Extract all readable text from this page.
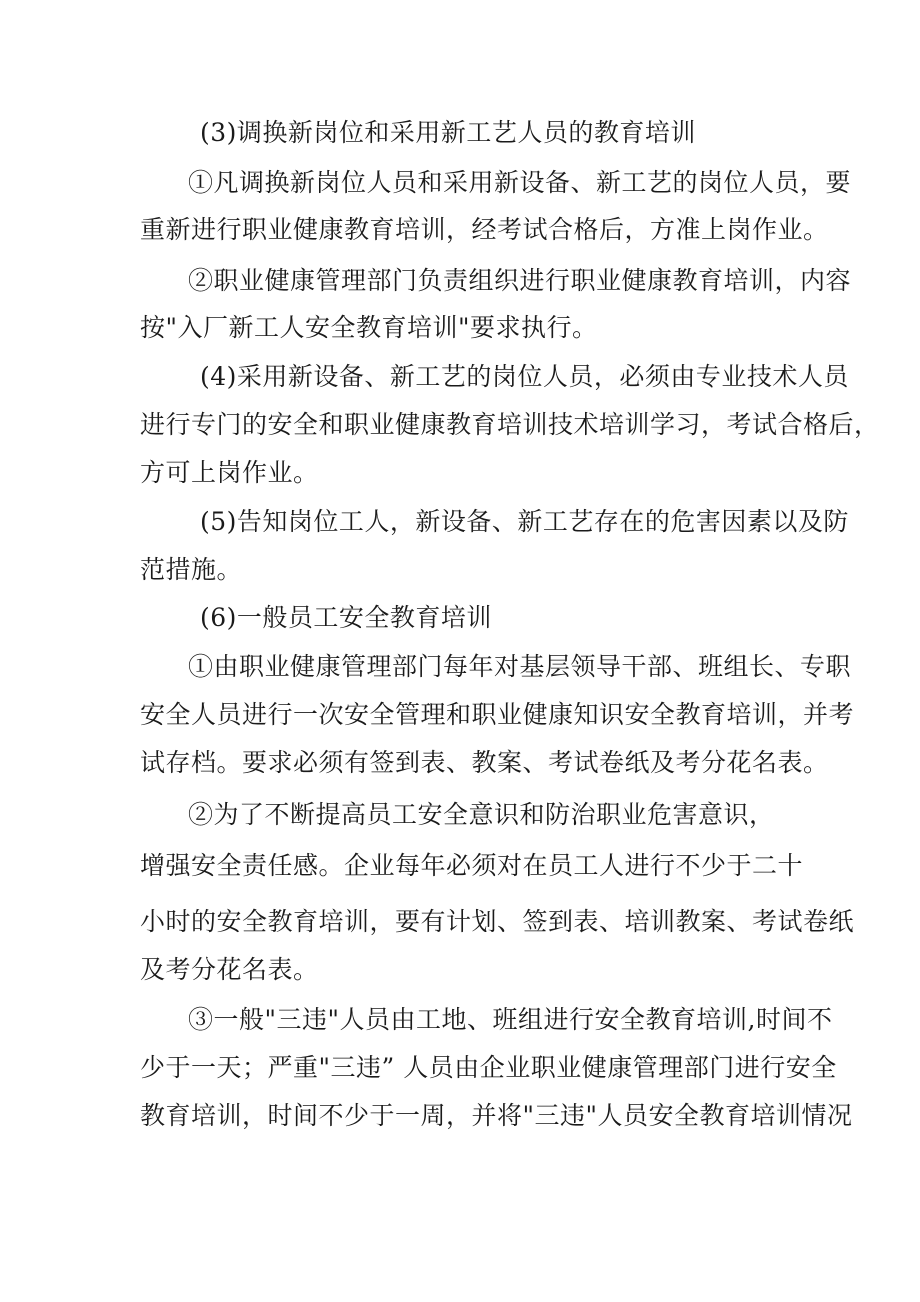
(3)调换新岗位和采用新工艺人员的教育培训

①凡调换新岗位人员和采用新设备、新工艺的岗位人员，要

重新进行职业健康教育培训，经考试合格后，方准上岗作业。

②职业健康管理部门负责组织进行职业健康教育培训，内容

按"入厂新工人安全教育培训"要求执行。

(4)采用新设备、新工艺的岗位人员，必须由专业技术人员

进行专门的安全和职业健康教育培训技术培训学习，考试合格后，

方可上岗作业。

(5)告知岗位工人，新设备、新工艺存在的危害因素以及防

范措施。

(6)一般员工安全教育培训

①由职业健康管理部门每年对基层领导干部、班组长、专职

安全人员进行一次安全管理和职业健康知识安全教育培训，并考

试存档。要求必须有签到表、教案、考试卷纸及考分花名表。

②为了不断提高员工安全意识和防治职业危害意识，

增强安全责任感。企业每年必须对在员工人进行不少于二十

小时的安全教育培训，要有计划、签到表、培训教案、考试卷纸

及考分花名表。

③一般"三违"人员由工地、班组进行安全教育培训,时间不

少于一天；严重"三违” 人员由企业职业健康管理部门进行安全

教育培训，时间不少于一周，并将"三违"人员安全教育培训情况
